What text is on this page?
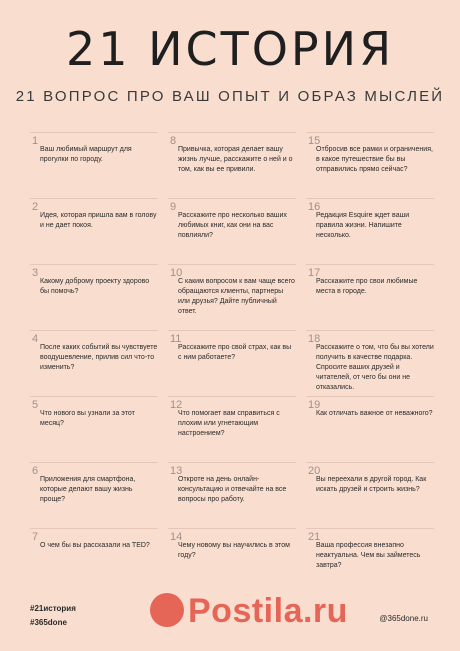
21 ИСТОРИЯ
21 ВОПРОС ПРО ВАШ ОПЫТ И ОБРАЗ МЫСЛЕЙ
1
Ваш любимый маршрут для прогулки по городу.
8
Привычка, которая делает вашу жизнь лучше, расскажите о ней и о том, как вы ее привили.
15
Отбросив все рамки и ограничения, в какое путешествие бы вы отправились прямо сейчас?
2
Идея, которая пришла вам в голову и не дает покоя.
9
Расскажите про несколько ваших любимых книг, как они на вас повлияли?
16
Редакция Esquire ждет ваши правила жизни. Напишите несколько.
3
Какому доброму проекту здорово бы помочь?
10
С каким вопросом к вам чаще всего обращаются клиенты, партнеры или друзья? Дайте публичный ответ.
17
Расскажите про свои любимые места в городе.
4
После каких событий вы чувствуете воодушевление, прилив сил что-то изменить?
11
Расскажите про свой страх, как вы с ним работаете?
18
Расскажите о том, что бы вы хотели получить в качестве подарка. Спросите ваших друзей и читателей, от чего бы они не отказались.
5
Что нового вы узнали за этот месяц?
12
Что помогает вам справиться с плохим или угнетающим настроением?
19
Как отличать важное от неважного?
6
Приложения для смартфона, которые делают вашу жизнь проще?
13
Откроте на день онлайн-консультацию и отвечайте на все вопросы про работу.
20
Вы переехали в другой город. Как искать друзей и строить жизнь?
7
О чем бы вы рассказали на TED?
14
Чему новому вы научились в этом году?
21
Ваша профессия внезапно неактуальна. Чем вы займетесь завтра?
#21история
#365done	Postila.ru	@365done.ru
